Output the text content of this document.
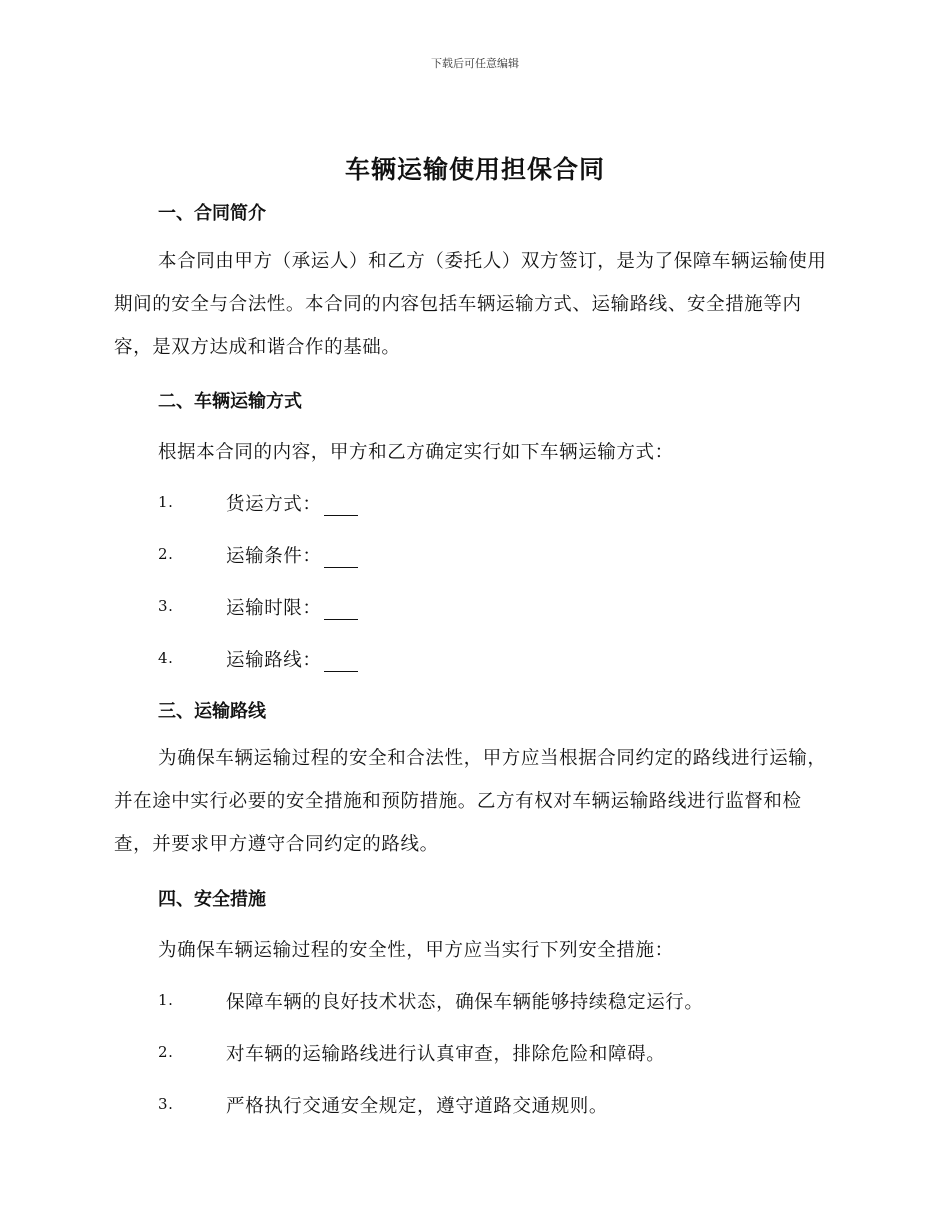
下载后可任意编辑
车辆运输使用担保合同
一、合同简介
本合同由甲方（承运人）和乙方（委托人）双方签订，是为了保障车辆运输使用期间的安全与合法性。本合同的内容包括车辆运输方式、运输路线、安全措施等内容，是双方达成和谐合作的基础。
二、车辆运输方式
根据本合同的内容，甲方和乙方确定实行如下车辆运输方式：
1.	货运方式：
2.	运输条件：
3.	运输时限：
4.	运输路线：
三、运输路线
为确保车辆运输过程的安全和合法性，甲方应当根据合同约定的路线进行运输，并在途中实行必要的安全措施和预防措施。乙方有权对车辆运输路线进行监督和检查，并要求甲方遵守合同约定的路线。
四、安全措施
为确保车辆运输过程的安全性，甲方应当实行下列安全措施：
1.	保障车辆的良好技术状态，确保车辆能够持续稳定运行。
2.	对车辆的运输路线进行认真审查，排除危险和障碍。
3.	严格执行交通安全规定，遵守道路交通规则。
